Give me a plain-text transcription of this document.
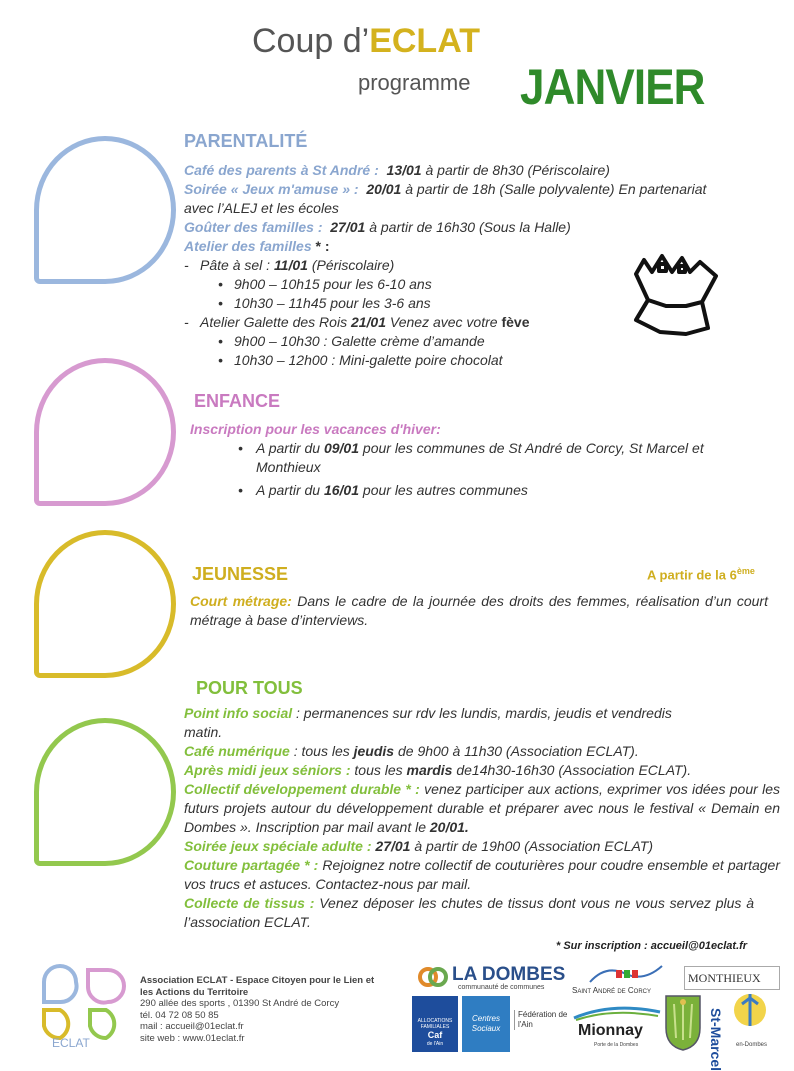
Coup d’ECLAT
programme JANVIER
PARENTALITÉ
Café des parents à St André : 13/01 à partir de 8h30 (Périscolaire)
Soirée « Jeux m'amuse » : 20/01 à partir de 18h (Salle polyvalente) En partenariat avec l’ALEJ et les écoles
Goûter des familles : 27/01 à partir de 16h30 (Sous la Halle)
Atelier des familles * :
- Pâte à sel : 11/01 (Périscolaire)
• 9h00 – 10h15 pour les 6-10 ans
• 10h30 – 11h45 pour les 3-6 ans
- Atelier Galette des Rois 21/01 Venez avec votre fève
• 9h00 – 10h30 : Galette crème d’amande
• 10h30 – 12h00 : Mini-galette poire chocolat
ENFANCE
Inscription pour les vacances d'hiver:
• A partir du 09/01 pour les communes de St André de Corcy, St Marcel et Monthieux
• A partir du 16/01 pour les autres communes
JEUNESSE	A partir de la 6ème
Court métrage: Dans le cadre de la journée des droits des femmes, réalisation d’un court métrage à base d’interviews.
POUR TOUS

Point info social : permanences sur rdv les lundis, mardis, jeudis et vendredis matin.

Café numérique : tous les jeudis de 9h00 à 11h30 (Association ECLAT).

Après midi jeux séniors : tous les mardis de14h30-16h30 (Association ECLAT).

Collectif développement durable * : venez participer aux actions, exprimer vos idées pour les futurs projets autour du développement durable et préparer avec nous le festival « Demain en Dombes ». Inscription par mail avant le 20/01.

Soirée jeux spéciale adulte : 27/01 à partir de 19h00 (Association ECLAT)

Couture partagée * : Rejoignez notre collectif de couturières pour coudre ensemble et partager vos trucs et astuces. Contactez-nous par mail.

Collecte de tissus : Venez déposer les chutes de tissus dont vous ne vous servez plus à l’association ECLAT.

* Sur inscription : accueil@01eclat.fr
ECLAT
Association ECLAT - Espace Citoyen pour le Lien et les Actions du Territoire
290 allée des sports , 01390 St André de Corcy
tél. 04 72 08 50 85
mail : accueil@01eclat.fr
site web : www.01eclat.fr
LA DOMBES
communauté de communes	Saint André de Corcy
MONTHIEUX
ALLOCATIONS FAMILIALES
Caf
de l'Ain
Centres Sociaux
Fédération de l'Ain	Mionnay
Porte de la Dombes	St-Marcel en-Dombes
